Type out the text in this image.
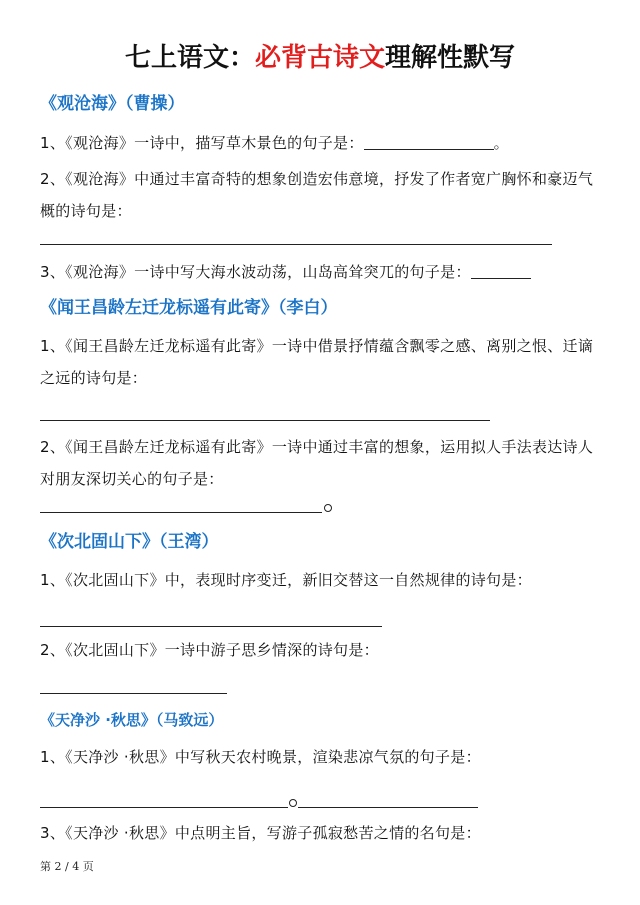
七上语文：必背古诗文理解性默写
《观沧海》（曹操）
1、《观沧海》一诗中，描写草木景色的句子是：	。
2、《观沧海》中通过丰富奇特的想象创造宏伟意境，抒发了作者宽广胸怀和豪迈气概的诗句是：
3、《观沧海》一诗中写大海水波动荡，山岛高耸突兀的句子是：
《闻王昌龄左迁龙标遥有此寄》（李白）
1、《闻王昌龄左迁龙标遥有此寄》一诗中借景抒情蕴含飘零之感、离别之恨、迁谪之远的诗句是：
2、《闻王昌龄左迁龙标遥有此寄》一诗中通过丰富的想象，运用拟人手法表达诗人对朋友深切关心的句子是：
《次北固山下》（王湾）
1、《次北固山下》中，表现时序变迁，新旧交替这一自然规律的诗句是：
2、《次北固山下》一诗中游子思乡情深的诗句是：
《天净沙 ·秋思》（马致远）
1、《天净沙 ·秋思》中写秋天农村晚景，渲染悲凉气氛的句子是：
3、《天净沙 ·秋思》中点明主旨，写游子孤寂愁苦之情的名句是：
第 2 / 4 页
